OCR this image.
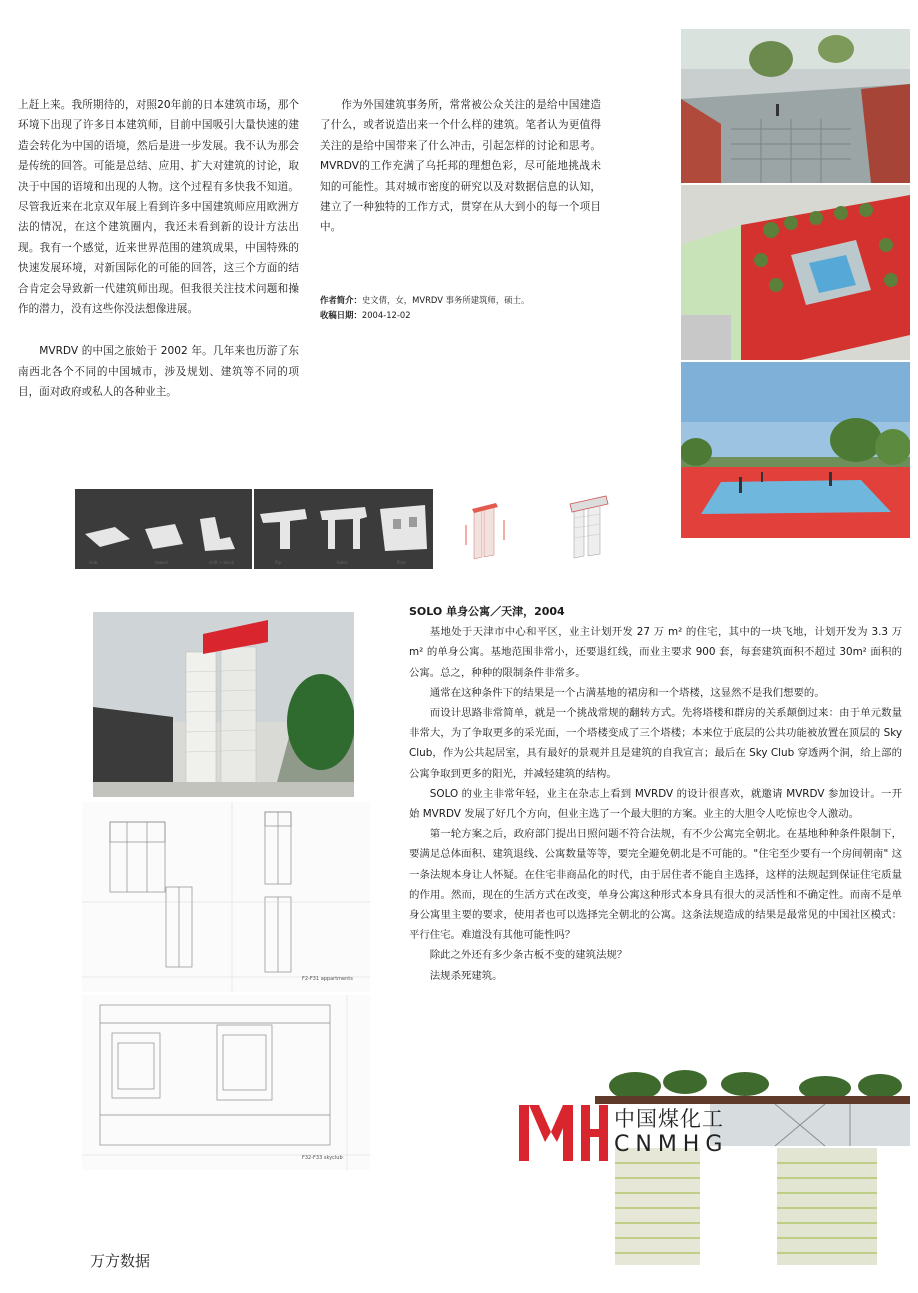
上赶上来。我所期待的，对照20年前的日本建筑市场，那个环境下出现了许多日本建筑师，目前中国吸引大量快速的建造会转化为中国的语境，然后是进一步发展。我不认为那会是传统的回答。可能是总结、应用、扩大对建筑的讨论，取决于中国的语境和出现的人物。这个过程有多快我不知道。尽管我近来在北京双年展上看到许多中国建筑师应用欧洲方法的情况，在这个建筑圈内，我还未看到新的设计方法出现。我有一个感觉，近来世界范围的建筑成果，中国特殊的快速发展环境，对新国际化的可能的回答，这三个方面的结合肯定会导致新一代建筑师出现。但我很关注技术问题和操作的潜力，没有这些你没法想像进展。

MVRDV 的中国之旅始于 2002 年。几年来也历游了东南西北各个不同的中国城市，涉及规划、建筑等不同的项目，面对政府或私人的各种业主。

作为外国建筑事务所，常常被公众关注的是给中国建造了什么，或者说造出来一个什么样的建筑。笔者认为更值得关注的是给中国带来了什么冲击，引起怎样的讨论和思考。MVRDV的工作充满了乌托邦的理想色彩，尽可能地挑战未知的可能性。其对城市密度的研究以及对数据信息的认知，建立了一种独特的工作方式，贯穿在从大到小的每一个项目中。

作者简介：史文倩，女，MVRDV 事务所建筑师，硕士。
收稿日期：2004-12-02
slab	towers	shift + block	flip	holes	final
F2-F31 appartments
F32-F33 skyclub

SOLO 单身公寓／天津，2004

基地处于天津市中心和平区，业主计划开发 27 万 m² 的住宅，其中的一块飞地，计划开发为 3.3 万 m² 的单身公寓。基地范围非常小，还要退红线，而业主要求 900 套，每套建筑面积不超过 30m² 面积的公寓。总之，种种的限制条件非常多。

通常在这种条件下的结果是一个占满基地的裙房和一个塔楼，这显然不是我们想要的。

而设计思路非常简单，就是一个挑战常规的翻转方式。先将塔楼和群房的关系颠倒过来：由于单元数量非常大，为了争取更多的采光面，一个塔楼变成了三个塔楼；本来位于底层的公共功能被放置在顶层的 Sky Club，作为公共起居室，具有最好的景观并且是建筑的自我宣言；最后在 Sky Club 穿透两个洞，给上部的公寓争取到更多的阳光，并减轻建筑的结构。

SOLO 的业主非常年轻，业主在杂志上看到 MVRDV 的设计很喜欢，就邀请 MVRDV 参加设计。一开始 MVRDV 发展了好几个方向，但业主选了一个最大胆的方案。业主的大胆令人吃惊也令人激动。

第一轮方案之后，政府部门提出日照问题不符合法规，有不少公寓完全朝北。在基地种种条件限制下，要满足总体面积、建筑退线、公寓数量等等，要完全避免朝北是不可能的。"住宅至少要有一个房间朝南" 这一条法规本身让人怀疑。在住宅非商品化的时代，由于居住者不能自主选择，这样的法规起到保证住宅质量的作用。然而，现在的生活方式在改变，单身公寓这种形式本身具有很大的灵活性和不确定性。而南不是单身公寓里主要的要求，使用者也可以选择完全朝北的公寓。这条法规造成的结果是最常见的中国社区模式：平行住宅。难道没有其他可能性吗？

除此之外还有多少条古板不变的建筑法规？

法规杀死建筑。

中国煤化工
CNMHG
万方数据
